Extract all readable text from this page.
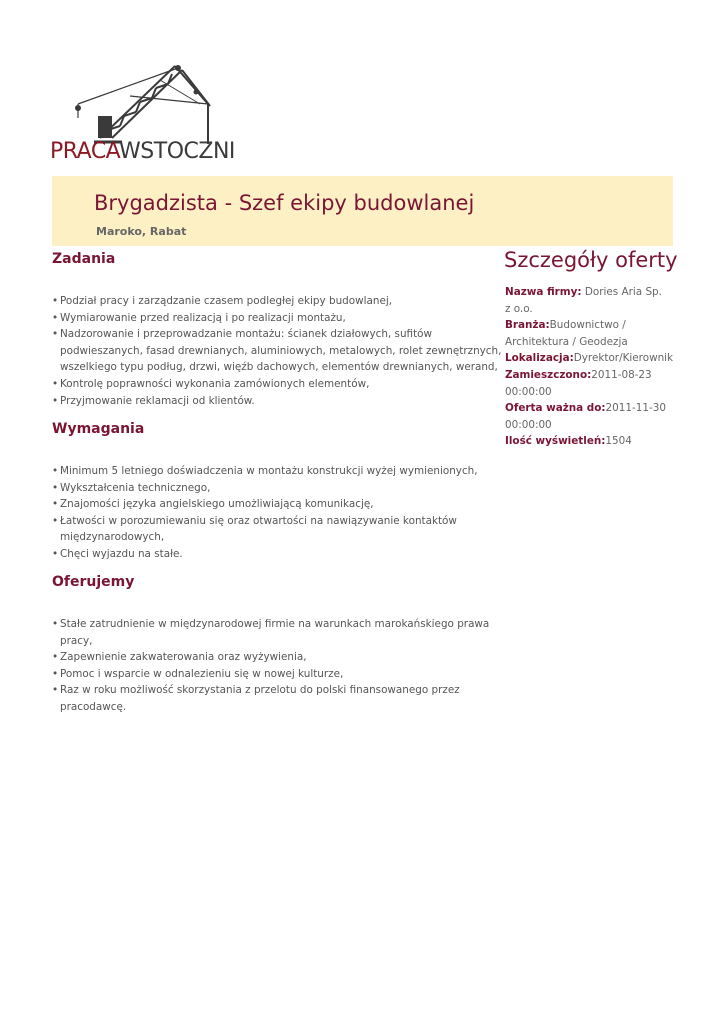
PRACAWSTOCZNI
Brygadzista - Szef ekipy budowlanej
Maroko, Rabat
Zadania
• Podział pracy i zarządzanie czasem podległej ekipy budowlanej,
• Wymiarowanie przed realizacją i po realizacji montażu,
• Nadzorowanie i przeprowadzanie montażu: ścianek działowych, sufitów podwieszanych, fasad drewnianych, aluminiowych, metalowych, rolet zewnętrznych, wszelkiego typu podług, drzwi, więźb dachowych, elementów drewnianych, werand,
• Kontrolę poprawności wykonania zamówionych elementów,
• Przyjmowanie reklamacji od klientów.
Wymagania
• Minimum 5 letniego doświadczenia w montażu konstrukcji wyżej wymienionych,
• Wykształcenia technicznego,
• Znajomości języka angielskiego umożliwiającą komunikację,
• Łatwości w porozumiewaniu się oraz otwartości na nawiązywanie kontaktów międzynarodowych,
• Chęci wyjazdu na stałe.
Oferujemy
• Stałe zatrudnienie w międzynarodowej firmie na warunkach marokańskiego prawa pracy,
• Zapewnienie zakwaterowania oraz wyżywienia,
• Pomoc i wsparcie w odnalezieniu się w nowej kulturze,
• Raz w roku możliwość skorzystania z przelotu do polski finansowanego przez pracodawcę.
Szczegóły oferty

Nazwa firmy: Dories Aria Sp. z o.o.

Branża:Budownictwo / Architektura / Geodezja

Lokalizacja:Dyrektor/Kierownik

Zamieszczono:2011-08-23 00:00:00

Oferta ważna do:2011-11-30 00:00:00

Ilość wyświetleń:1504
